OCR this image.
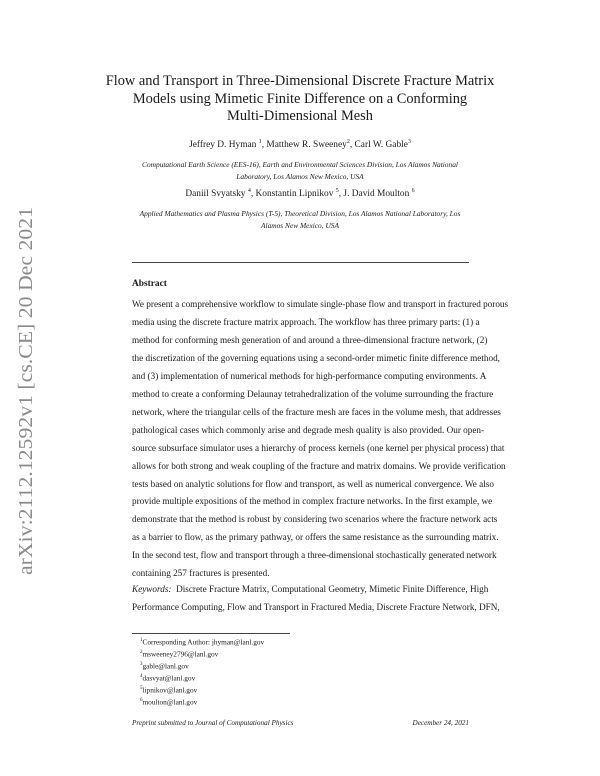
arXiv:2112.12592v1 [cs.CE] 20 Dec 2021
Flow and Transport in Three-Dimensional Discrete Fracture Matrix
Models using Mimetic Finite Difference on a Conforming
Multi-Dimensional Mesh
Jeffrey D. Hyman $^1$, Matthew R. Sweeney$^2$, Carl W. Gable$^3$
Computational Earth Science (EES-16), Earth and Environmental Sciences Division, Los Alamos National Laboratory, Los Alamos New Mexico, USA
Daniil Svyatsky $^4$, Konstantin Lipnikov $^5$, J. David Moulton $^6$
Applied Mathematics and Plasma Physics (T-5), Theoretical Division, Los Alamos National Laboratory, Los Alamos New Mexico, USA
Abstract
We present a comprehensive workflow to simulate single-phase flow and transport in fractured porous
media using the discrete fracture matrix approach. The workflow has three primary parts: (1) a
method for conforming mesh generation of and around a three-dimensional fracture network, (2)
the discretization of the governing equations using a second-order mimetic finite difference method,
and (3) implementation of numerical methods for high-performance computing environments. A
method to create a conforming Delaunay tetrahedralization of the volume surrounding the fracture
network, where the triangular cells of the fracture mesh are faces in the volume mesh, that addresses
pathological cases which commonly arise and degrade mesh quality is also provided. Our open-
source subsurface simulator uses a hierarchy of process kernels (one kernel per physical process) that
allows for both strong and weak coupling of the fracture and matrix domains. We provide verification
tests based on analytic solutions for flow and transport, as well as numerical convergence. We also
provide multiple expositions of the method in complex fracture networks. In the first example, we
demonstrate that the method is robust by considering two scenarios where the fracture network acts
as a barrier to flow, as the primary pathway, or offers the same resistance as the surrounding matrix.
In the second test, flow and transport through a three-dimensional stochastically generated network
containing 257 fractures is presented.
Keywords: Discrete Fracture Matrix, Computational Geometry, Mimetic Finite Difference, High
Performance Computing, Flow and Transport in Fractured Media, Discrete Fracture Network, DFN,
$^1$Corresponding Author: jhyman@lanl.gov
$^2$msweeney2796@lanl.gov
$^3$gable@lanl.gov
$^4$dasvyat@lanl.gov
$^5$lipnikov@lanl.gov
$^6$moulton@lanl.gov
Preprint submitted to Journal of Computational Physics	December 24, 2021
